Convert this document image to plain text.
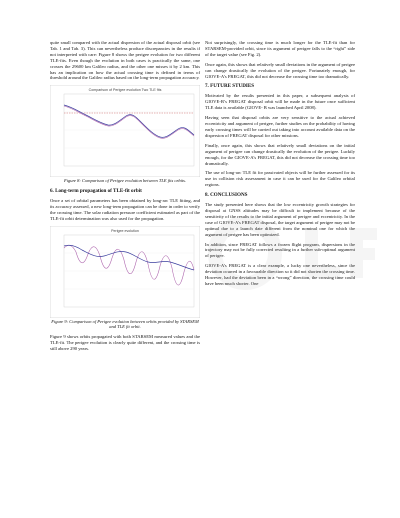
quite small compared with the actual dispersion of the actual disposal orbit (see Tab. 1 and Tab. 3). This can nevertheless produce discrepancies in the results if not interpreted with care: Figure 8 shows the perigee evolution for two different TLE-fits. Even though the evolution in both cases is practically the same, one crosses the 29600 km Galileo radius, and the other one misses it by 2 km. This has an implication on how the actual crossing time is defined in terms of threshold around the Galileo radius based on the long-term propagation accuracy.

Comparison of Perigee evolution Two TLE fits

Figure 8: Comparison of Perigee evolution between TLE fits orbits.

6. Long-term propagation of TLE-fit orbit

Once a set of orbital parameters has been obtained by long-arc TLE fitting, and its accuracy assessed, a new long-term propagation can be done in order to verify the crossing time. The solar radiation pressure coefficient estimated as part of the TLE-fit orbit determination was also used for the propagation.

Perigee evolution

Figure 9: Comparison of Perigee evolution between orbits provided by STARSEM and TLE fit orbit.

Figure 9 shows orbits propagated with both STARSEM measured values and the TLE-fit. The perigee evolution is clearly quite different, and the crossing time is still above 290 years.

Not surprisingly, the crossing time is much longer for the TLE-fit than for STARSEM-provided orbit, since its argument of perigee falls to the “right” side of the target value (see Fig. 2).

Once again, this shows that relatively small deviations in the argument of perigee can change drastically the evolution of the perigee. Fortunately enough, for GIOVE-A’s FREGAT, this did not decrease the crossing time too dramatically.

7. FUTURE STUDIES

Motivated by the results presented in this paper, a subsequent analysis of GIOVE-B’s FREGAT disposal orbit will be made in the future once sufficient TLE data is available (GIOVE- B was launched April 2008).

Having seen that disposal orbits are very sensitive to the actual achieved eccentricity and argument of perigee, further studies on the probability of having early crossing times will be carried out taking into account available data on the dispersion of FREGAT disposal for other missions.

Finally, once again, this shows that relatively small deviations on the initial argument of perigee can change drastically the evolution of the perigee. Luckily enough, for the GIOVE-A’s FREGAT, this did not decrease the crossing time too dramatically.

The use of long-arc TLE fit for passivated objects will be further assessed for its use in collision risk assessment in case it can be used for the Galileo orbital regions.

8. CONCLUSIONS

The study presented here shows that the low eccentricity growth strategies for disposal at GNSS altitudes may be difficult to implement because of the sensitivity of the results to the initial argument of perigee and eccentricity. In the case of GIOVE-A’s FREGAT disposal, the target argument of perigee may not be optimal due to a launch date different from the nominal one for which the argument of perigee has been optimized.

In addition, since FREGAT follows a frozen flight program, dispersions in the trajectory may not be fully corrected resulting in a further sub-optimal argument of perigee.

GIOVE-A’s FREGAT is a clear example, a lucky one nevertheless, since the deviation ocurred in a favourable direction so it did not shorten the crossing time. However, had the deviation been in a “wrong” direction, the crossing time could have been much shorter. One
